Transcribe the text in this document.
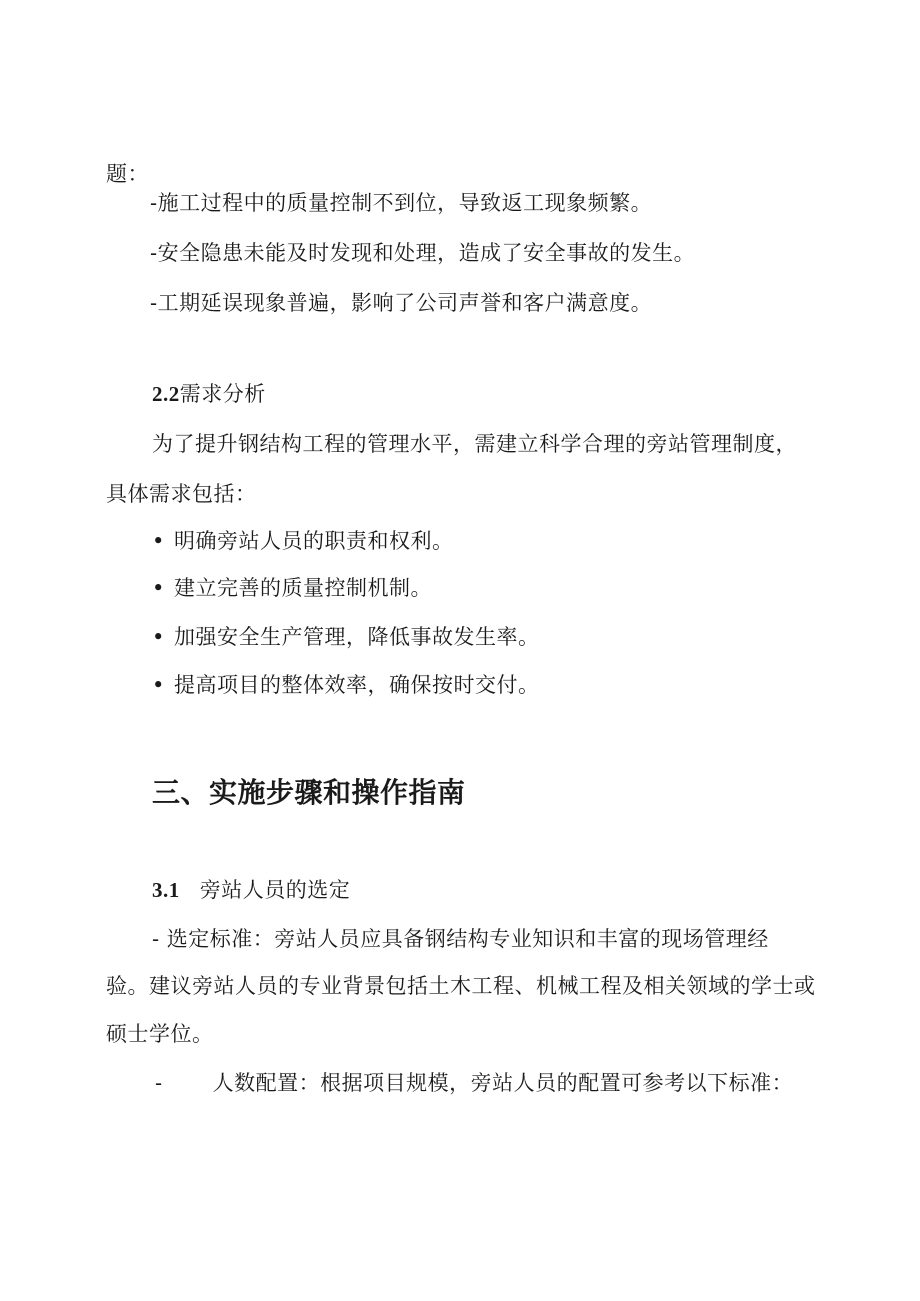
题：
-施工过程中的质量控制不到位，导致返工现象频繁。
-安全隐患未能及时发现和处理，造成了安全事故的发生。
-工期延误现象普遍，影响了公司声誉和客户满意度。
2.2需求分析
为了提升钢结构工程的管理水平，需建立科学合理的旁站管理制度，
具体需求包括：
• 明确旁站人员的职责和权利。
• 建立完善的质量控制机制。
• 加强安全生产管理，降低事故发生率。
• 提高项目的整体效率，确保按时交付。
三、实施步骤和操作指南
3.1 旁站人员的选定
- 选定标准：旁站人员应具备钢结构专业知识和丰富的现场管理经
验。建议旁站人员的专业背景包括土木工程、机械工程及相关领域的学士或
硕士学位。
- 人数配置：根据项目规模，旁站人员的配置可参考以下标准：
